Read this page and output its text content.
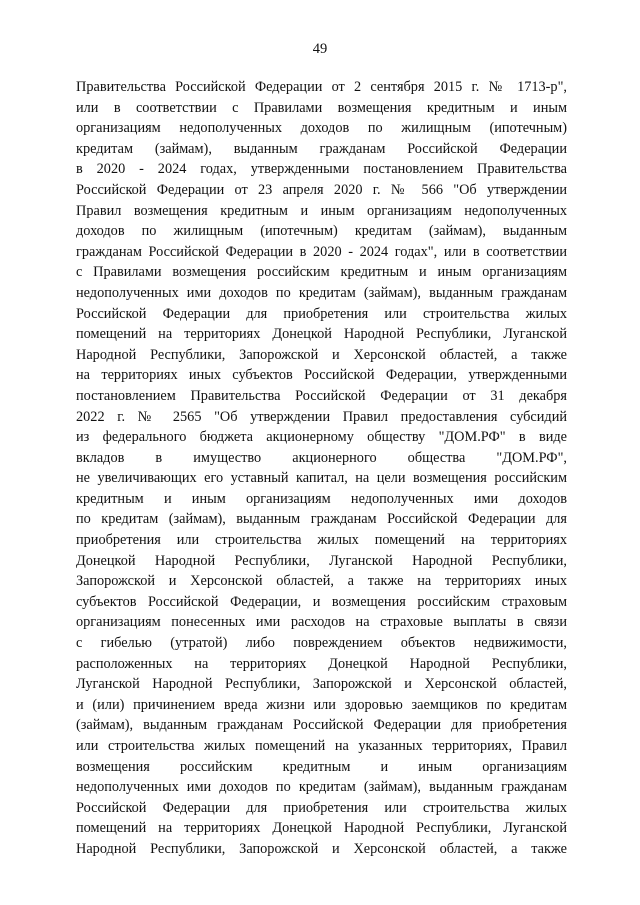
49
Правительства Российской Федерации от 2 сентября 2015 г. № 1713-р",
или в соответствии с Правилами возмещения кредитным и иным
организациям недополученных доходов по жилищным (ипотечным)
кредитам (займам), выданным гражданам Российской Федерации
в 2020 - 2024 годах, утвержденными постановлением Правительства
Российской Федерации от 23 апреля 2020 г. № 566 "Об утверждении
Правил возмещения кредитным и иным организациям недополученных
доходов по жилищным (ипотечным) кредитам (займам), выданным
гражданам Российской Федерации в 2020 - 2024 годах", или в соответствии
с Правилами возмещения российским кредитным и иным организациям
недополученных ими доходов по кредитам (займам), выданным гражданам
Российской Федерации для приобретения или строительства жилых
помещений на территориях Донецкой Народной Республики, Луганской
Народной Республики, Запорожской и Херсонской областей, а также
на территориях иных субъектов Российской Федерации, утвержденными
постановлением Правительства Российской Федерации от 31 декабря
2022 г. № 2565 "Об утверждении Правил предоставления субсидий
из федерального бюджета акционерному обществу "ДОМ.РФ" в виде
вкладов в имущество акционерного общества "ДОМ.РФ",
не увеличивающих его уставный капитал, на цели возмещения российским
кредитным и иным организациям недополученных ими доходов
по кредитам (займам), выданным гражданам Российской Федерации для
приобретения или строительства жилых помещений на территориях
Донецкой Народной Республики, Луганской Народной Республики,
Запорожской и Херсонской областей, а также на территориях иных
субъектов Российской Федерации, и возмещения российским страховым
организациям понесенных ими расходов на страховые выплаты в связи
с гибелью (утратой) либо повреждением объектов недвижимости,
расположенных на территориях Донецкой Народной Республики,
Луганской Народной Республики, Запорожской и Херсонской областей,
и (или) причинением вреда жизни или здоровью заемщиков по кредитам
(займам), выданным гражданам Российской Федерации для приобретения
или строительства жилых помещений на указанных территориях, Правил
возмещения российским кредитным и иным организациям
недополученных ими доходов по кредитам (займам), выданным гражданам
Российской Федерации для приобретения или строительства жилых
помещений на территориях Донецкой Народной Республики, Луганской
Народной Республики, Запорожской и Херсонской областей, а также
